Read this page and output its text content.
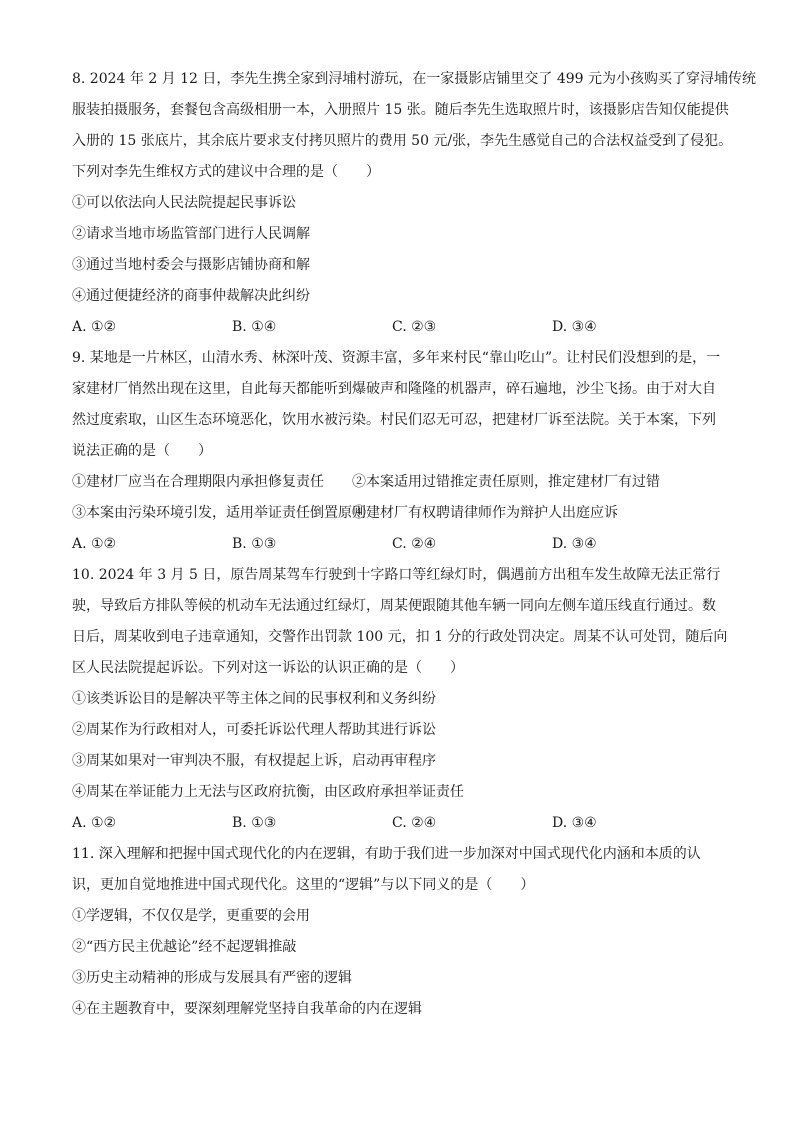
8. 2024 年 2 月 12 日，李先生携全家到浔埔村游玩，在一家摄影店铺里交了 499 元为小孩购买了穿浔埔传统
服装拍摄服务，套餐包含高级相册一本，入册照片 15 张。随后李先生选取照片时，该摄影店告知仅能提供
入册的 15 张底片，其余底片要求支付拷贝照片的费用 50 元/张，李先生感觉自己的合法权益受到了侵犯。
下列对李先生维权方式的建议中合理的是（　　）
①可以依法向人民法院提起民事诉讼
②请求当地市场监管部门进行人民调解
③通过当地村委会与摄影店铺协商和解
④通过便捷经济的商事仲裁解决此纠纷
A. ①②	B. ①④	C. ②③	D. ③④
9. 某地是一片林区，山清水秀、林深叶茂、资源丰富，多年来村民“靠山吃山”。让村民们没想到的是，一
家建材厂悄然出现在这里，自此每天都能听到爆破声和隆隆的机器声，碎石遍地，沙尘飞扬。由于对大自
然过度索取，山区生态环境恶化，饮用水被污染。村民们忍无可忍，把建材厂诉至法院。关于本案，下列
说法正确的是（　　）
①建材厂应当在合理期限内承担修复责任	②本案适用过错推定责任原则，推定建材厂有过错
③本案由污染环境引发，适用举证责任倒置原则
④建材厂有权聘请律师作为辩护人出庭应诉
A. ①②	B. ①③	C. ②④	D. ③④
10. 2024 年 3 月 5 日，原告周某驾车行驶到十字路口等红绿灯时，偶遇前方出租车发生故障无法正常行
驶，导致后方排队等候的机动车无法通过红绿灯，周某便跟随其他车辆一同向左侧车道压线直行通过。数
日后，周某收到电子违章通知，交警作出罚款 100 元，扣 1 分的行政处罚决定。周某不认可处罚，随后向
区人民法院提起诉讼。下列对这一诉讼的认识正确的是（　　）
①该类诉讼目的是解决平等主体之间的民事权利和义务纠纷
②周某作为行政相对人，可委托诉讼代理人帮助其进行诉讼
③周某如果对一审判决不服，有权提起上诉，启动再审程序
④周某在举证能力上无法与区政府抗衡，由区政府承担举证责任
A. ①②	B. ①③	C. ②④	D. ③④
11. 深入理解和把握中国式现代化的内在逻辑，有助于我们进一步加深对中国式现代化内涵和本质的认
识，更加自觉地推进中国式现代化。这里的“逻辑”与以下同义的是（　　）
①学逻辑，不仅仅是学，更重要的会用
②“西方民主优越论”经不起逻辑推敲
③历史主动精神的形成与发展具有严密的逻辑
④在主题教育中，要深刻理解党坚持自我革命的内在逻辑
